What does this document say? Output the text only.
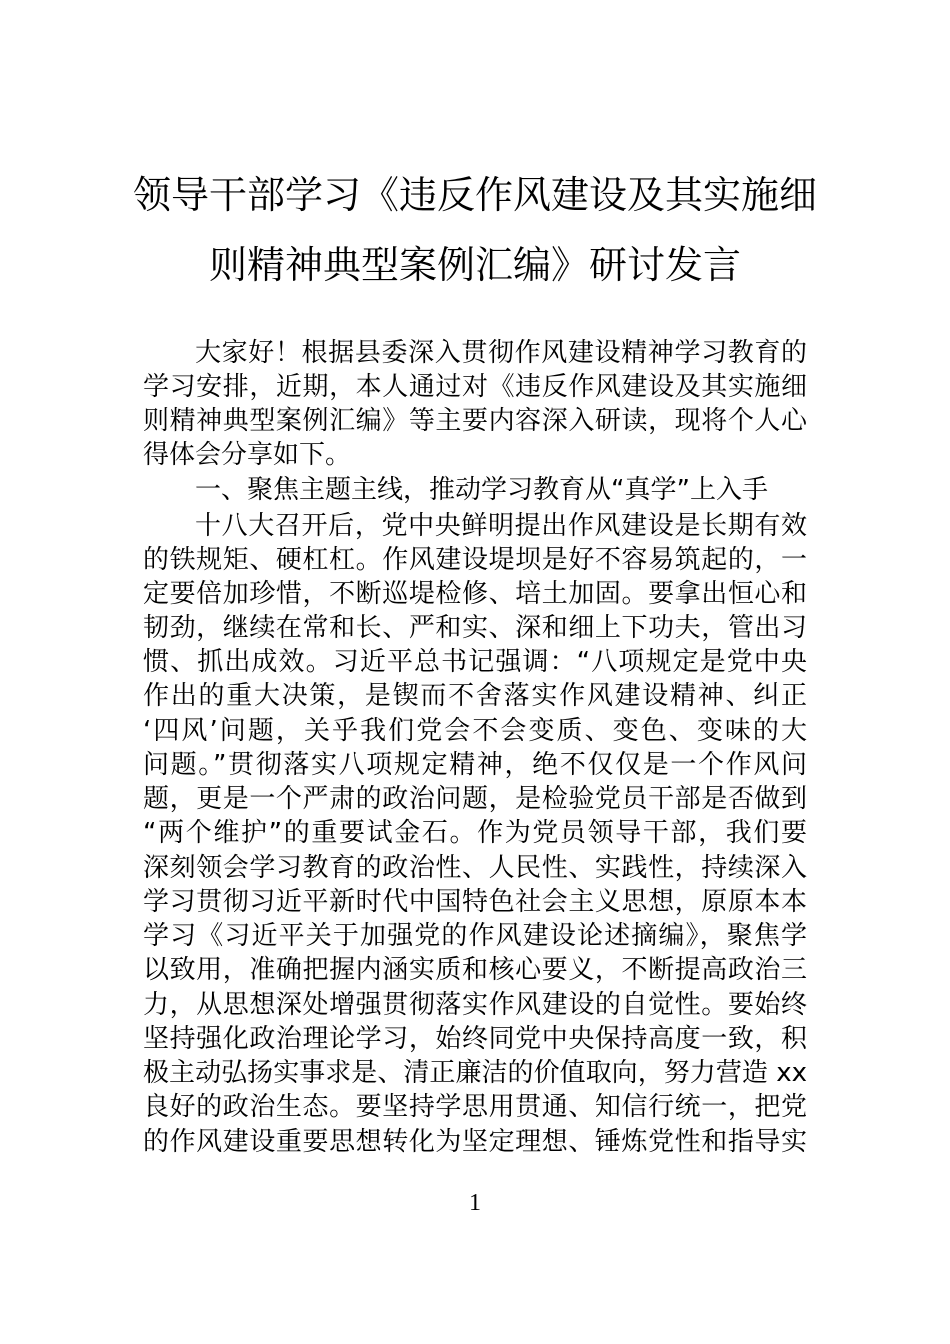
领导干部学习《违反作风建设及其实施细
则精神典型案例汇编》研讨发言
大家好！根据县委深入贯彻作风建设精神学习教育的
学习安排，近期，本人通过对《违反作风建设及其实施细
则精神典型案例汇编》等主要内容深入研读，现将个人心
得体会分享如下。
一、聚焦主题主线，推动学习教育从“真学”上入手
十八大召开后，党中央鲜明提出作风建设是长期有效
的铁规矩、硬杠杠。作风建设堤坝是好不容易筑起的，一
定要倍加珍惜，不断巡堤检修、培土加固。要拿出恒心和
韧劲，继续在常和长、严和实、深和细上下功夫，管出习
惯、抓出成效。习近平总书记强调：“八项规定是党中央
作出的重大决策，是锲而不舍落实作风建设精神、纠正
‘四风’问题，关乎我们党会不会变质、变色、变味的大
问题。”贯彻落实八项规定精神，绝不仅仅是一个作风问
题，更是一个严肃的政治问题，是检验党员干部是否做到
“两个维护”的重要试金石。作为党员领导干部，我们要
深刻领会学习教育的政治性、人民性、实践性，持续深入
学习贯彻习近平新时代中国特色社会主义思想，原原本本
学习《习近平关于加强党的作风建设论述摘编》，聚焦学
以致用，准确把握内涵实质和核心要义，不断提高政治三
力，从思想深处增强贯彻落实作风建设的自觉性。要始终
坚持强化政治理论学习，始终同党中央保持高度一致，积
极主动弘扬实事求是、清正廉洁的价值取向，努力营造 xx
良好的政治生态。要坚持学思用贯通、知信行统一，把党
的作风建设重要思想转化为坚定理想、锤炼党性和指导实
1
